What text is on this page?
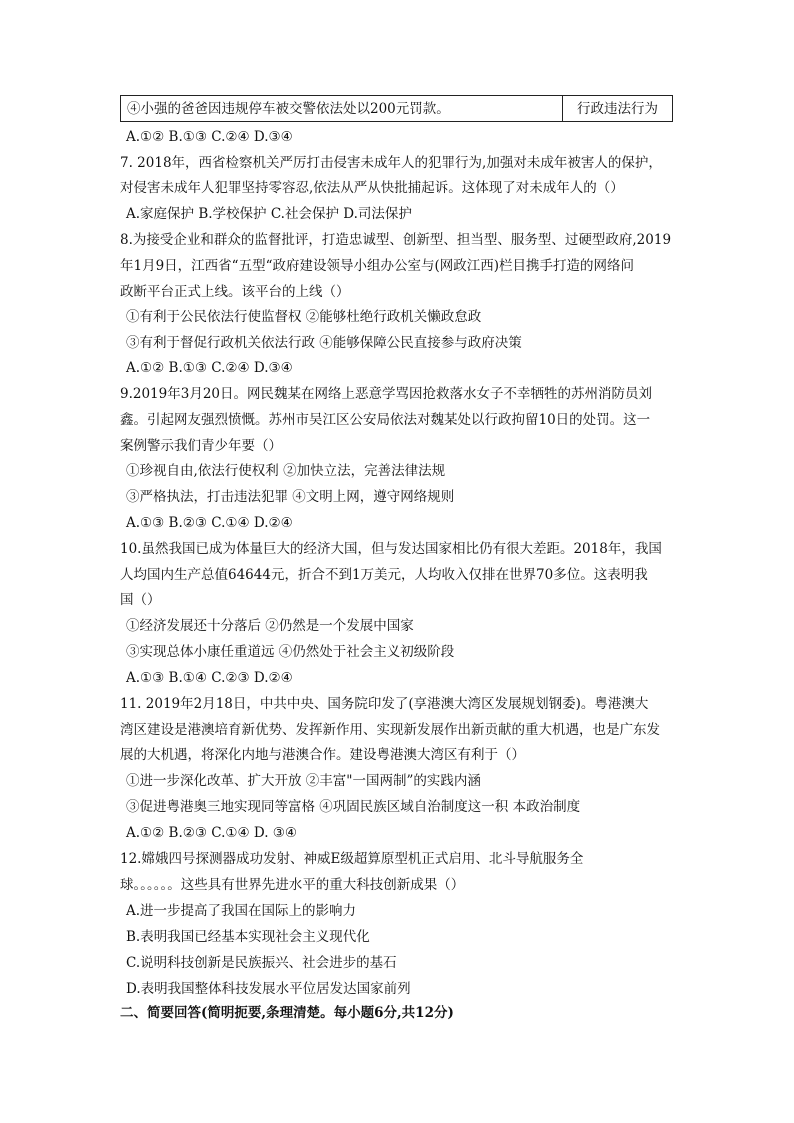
④小强的爸爸因违规停车被交警依法处以200元罚款。	行政违法行为
A.①② B.①③ C.②④ D.③④
7. 2018年，西省检察机关严厉打击侵害未成年人的犯罪行为,加强对未成年被害人的保护，
对侵害未成年人犯罪坚持零容忍,依法从严从快批捕起诉。这体现了对未成年人的（）
A.家庭保护 B.学校保护 C.社会保护 D.司法保护
8.为接受企业和群众的监督批评，打造忠诚型、创新型、担当型、服务型、过硬型政府,2019
年1月9日，江西省“五型“政府建设领导小组办公室与(网政江西)栏目携手打造的网络问
政断平台正式上线。该平台的上线（）
①有利于公民依法行使监督权 ②能够杜绝行政机关懒政怠政
③有利于督促行政机关依法行政 ④能够保障公民直接参与政府决策
A.①② B.①③ C.②④ D.③④
9.2019年3月20日。网民魏某在网络上恶意学骂因抢救落水女子不幸牺牲的苏州消防员刘
鑫。引起网友强烈愤慨。苏州市吴江区公安局依法对魏某处以行政拘留10日的处罚。这一
案例警示我们青少年要（）
①珍视自由,依法行使权利 ②加快立法，完善法律法规
③严格执法，打击违法犯罪 ④文明上网，遵守网络规则
A.①③ B.②③ C.①④ D.②④
10.虽然我国已成为体量巨大的经济大国，但与发达国家相比仍有很大差距。2018年，我国
人均国内生产总值64644元，折合不到1万美元，人均收入仅排在世界70多位。这表明我
国（）
①经济发展还十分落后 ②仍然是一个发展中国家
③实现总体小康任重道远 ④仍然处于社会主义初级阶段
A.①③ B.①④ C.②③ D.②④
11. 2019年2月18日，中共中央、国务院印发了(享港澳大湾区发展规划钢委)。粤港澳大
湾区建设是港澳培育新优势、发挥新作用、实现新发展作出新贡献的重大机遇，也是广东发
展的大机遇，将深化内地与港澳合作。建设粤港澳大湾区有利于（）
①进一步深化改革、扩大开放 ②丰富"一国两制”的实践内涵
③促进粤港奥三地实现同等富格 ④巩固民族区域自治制度这一积 本政治制度
A.①② B.②③ C.①④ D. ③④
12.嫦娥四号探测器成功发射、神威E级超算原型机正式启用、北斗导航服务全
球。。。。。。这些具有世界先进水平的重大科技创新成果（）
A.进一步提高了我国在国际上的影响力
B.表明我国已经基本实现社会主义现代化
C.说明科技创新是民族振兴、社会进步的基石
D.表明我国整体科技发展水平位居发达国家前列
二、简要回答(简明扼要,条理清楚。每小题6分,共12分)
